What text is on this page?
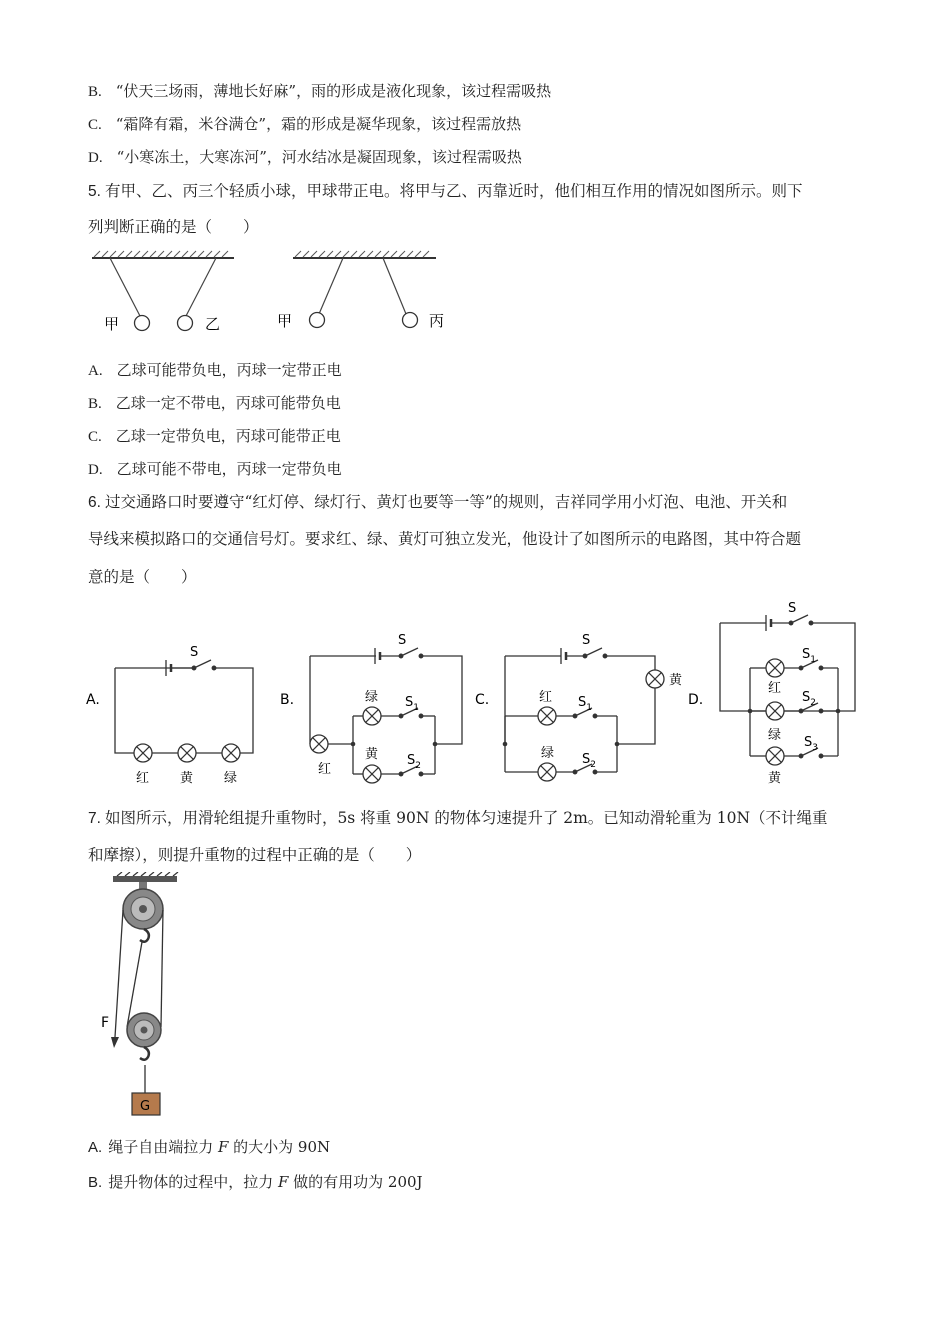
B. “伏天三场雨，薄地长好麻”，雨的形成是液化现象，该过程需吸热
C. “霜降有霜，米谷满仓”，霜的形成是凝华现象，该过程需放热
D. “小寒冻土，大寒冻河”，河水结冰是凝固现象，该过程需吸热
5. 有甲、乙、丙三个轻质小球，甲球带正电。将甲与乙、丙靠近时，他们相互作用的情况如图所示。则下
列判断正确的是（　　）
甲	乙	甲	丙
A. 乙球可能带负电，丙球一定带正电
B. 乙球一定不带电，丙球可能带负电
C. 乙球一定带负电，丙球可能带正电
D. 乙球可能不带电，丙球一定带负电
6. 过交通路口时要遵守“红灯停、绿灯行、黄灯也要等一等”的规则，吉祥同学用小灯泡、电池、开关和
导线来模拟路口的交通信号灯。要求红、绿、黄灯可独立发光，他设计了如图所示的电路图，其中符合题
意的是（　　）
A.	B.	C.	D.
S
S	S
S
$S_1$
$S_2$
$S_1$
$S_2$
$S_1$
$S_2$
$S_3$
红 黄 绿
红
绿
黄
红
绿
黄
红
绿
黄
7. 如图所示，用滑轮组提升重物时，5s 将重 90N 的物体匀速提升了 2m。已知动滑轮重为 10N（不计绳重
和摩擦），则提升重物的过程中正确的是（　　）
F
G
A. 绳子自由端拉力 F 的大小为 90N
B. 提升物体的过程中，拉力 F 做的有用功为 200J
